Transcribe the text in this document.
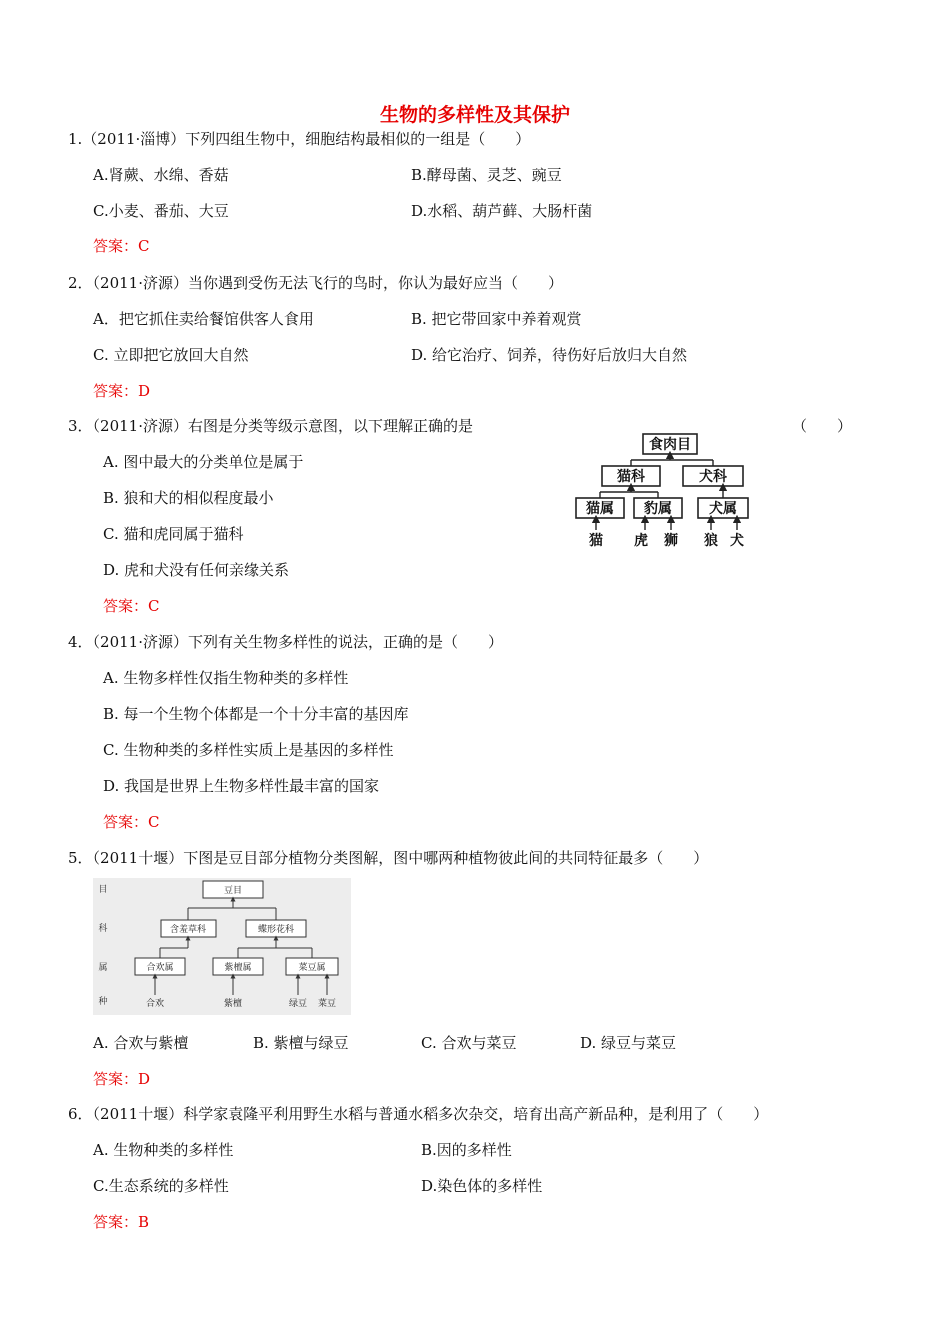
生物的多样性及其保护
1.（2011·淄博）下列四组生物中，细胞结构最相似的一组是（　　）
A.肾蕨、水绵、香菇	B.酵母菌、灵芝、豌豆
C.小麦、番茄、大豆	D.水稻、葫芦藓、大肠杆菌
答案：C
2．（2011·济源）当你遇到受伤无法飞行的鸟时，你认为最好应当（　　）
A．把它抓住卖给餐馆供客人食用	B. 把它带回家中养着观赏
C. 立即把它放回大自然	D. 给它治疗、饲养，待伤好后放归大自然
答案：D
3．（2011·济源）右图是分类等级示意图，以下理解正确的是	（　　）
A. 图中最大的分类单位是属于
B. 狼和犬的相似程度最小
C. 猫和虎同属于猫科
D. 虎和犬没有任何亲缘关系
答案：C
食肉目
猫科	犬科
猫属 豹属	犬属
猫 虎 狮 狼 犬
4．（2011·济源）下列有关生物多样性的说法，正确的是（　　）
A. 生物多样性仅指生物种类的多样性
B. 每一个生物个体都是一个十分丰富的基因库
C. 生物种类的多样性实质上是基因的多样性
D. 我国是世界上生物多样性最丰富的国家
答案：C
5．（2011十堰）下图是豆目部分植物分类图解，图中哪两种植物彼此间的共同特征最多（　　）
目
科
属
种
豆目
含羞草科	蝶形花科
合欢属	紫檀属	菜豆属
合欢	紫檀	绿豆 菜豆
A. 合欢与紫檀	B. 紫檀与绿豆	C. 合欢与菜豆	D. 绿豆与菜豆
答案：D
6．（2011十堰）科学家袁隆平利用野生水稻与普通水稻多次杂交，培育出高产新品种，是利用了（　　）
A. 生物种类的多样性	B.因的多样性
C.生态系统的多样性	D.染色体的多样性
答案：B
